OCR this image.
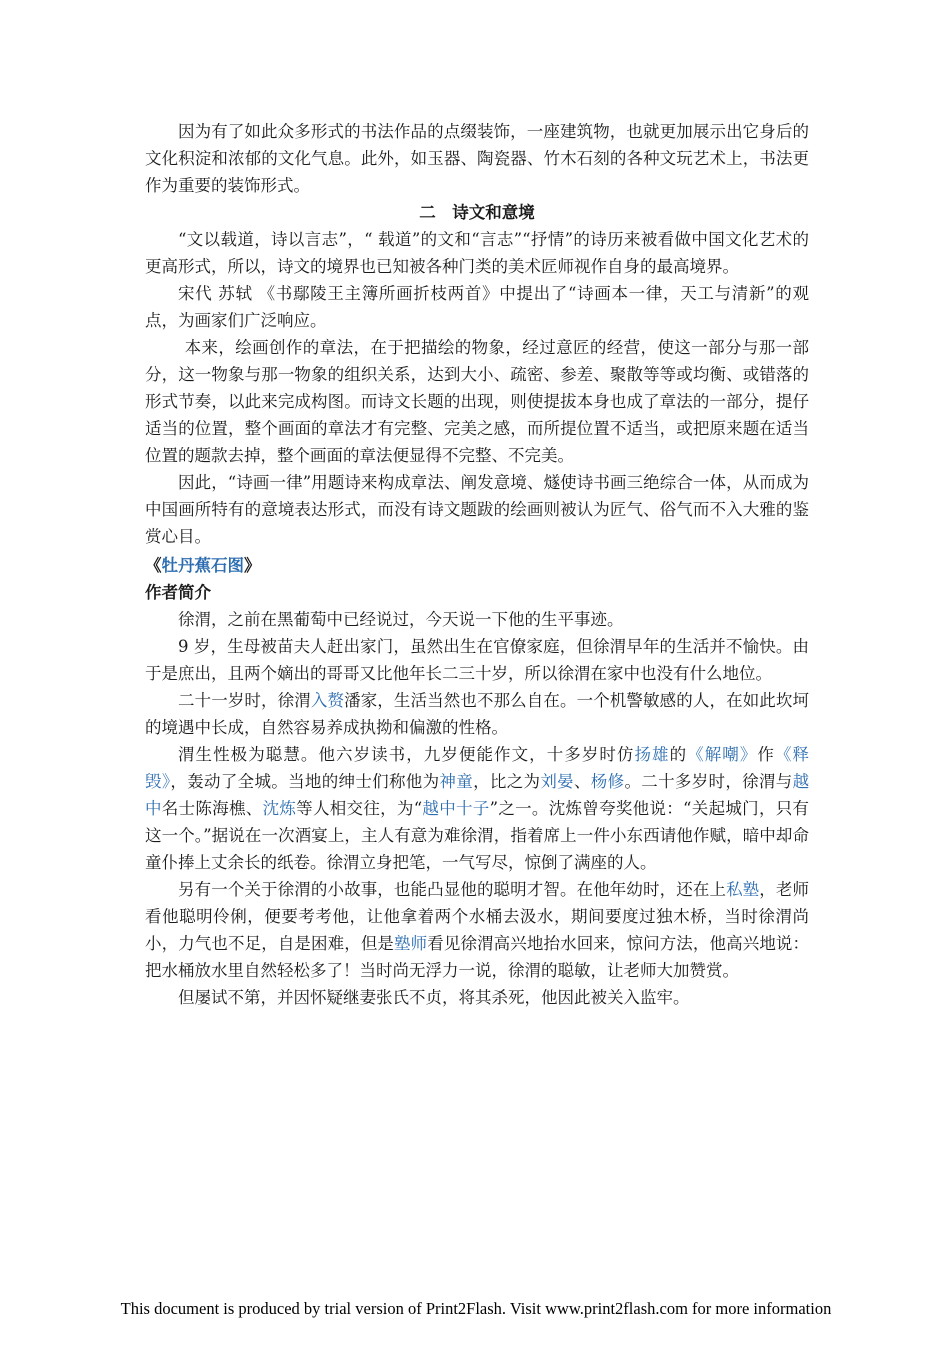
因为有了如此众多形式的书法作品的点缀装饰，一座建筑物，也就更加展示出它身后的文化积淀和浓郁的文化气息。此外，如玉器、陶瓷器、竹木石刻的各种文玩艺术上，书法更作为重要的装饰形式。

二　诗文和意境

“文以载道，诗以言志”，“ 载道”的文和“言志”“抒情”的诗历来被看做中国文化艺术的更高形式，所以，诗文的境界也已知被各种门类的美术匠师视作自身的最高境界。

宋代 苏轼 《书鄢陵王主簿所画折枝两首》中提出了“诗画本一律，天工与清新”的观点，为画家们广泛响应。

本来，绘画创作的章法，在于把描绘的物象，经过意匠的经营，使这一部分与那一部分，这一物象与那一物象的组织关系，达到大小、疏密、参差、聚散等等或均衡、或错落的形式节奏，以此来完成构图。而诗文长题的出现，则使提拔本身也成了章法的一部分，提仔适当的位置，整个画面的章法才有完整、完美之感，而所提位置不适当，或把原来题在适当位置的题款去掉，整个画面的章法便显得不完整、不完美。

因此，“诗画一律”用题诗来构成章法、阐发意境、燧使诗书画三绝综合一体，从而成为中国画所特有的意境表达形式，而没有诗文题跋的绘画则被认为匠气、俗气而不入大雅的鉴赏心目。

《牡丹蕉石图》

作者简介

徐渭，之前在黑葡萄中已经说过，今天说一下他的生平事迹。

9 岁，生母被苗夫人赶出家门，虽然出生在官僚家庭，但徐渭早年的生活并不愉快。由于是庶出，且两个嫡出的哥哥又比他年长二三十岁，所以徐渭在家中也没有什么地位。

二十一岁时，徐渭入赘潘家，生活当然也不那么自在。一个机警敏感的人，在如此坎坷的境遇中长成，自然容易养成执拗和偏激的性格。

渭生性极为聪慧。他六岁读书，九岁便能作文，十多岁时仿扬雄的《解嘲》作《释毁》，轰动了全城。当地的绅士们称他为神童，比之为刘晏、杨修。二十多岁时，徐渭与越中名士陈海樵、沈炼等人相交往，为“越中十子”之一。沈炼曾夸奖他说：“关起城门，只有这一个。”据说在一次酒宴上，主人有意为难徐渭，指着席上一件小东西请他作赋，暗中却命童仆捧上丈余长的纸卷。徐渭立身把笔，一气写尽，惊倒了满座的人。

另有一个关于徐渭的小故事，也能凸显他的聪明才智。在他年幼时，还在上私塾，老师看他聪明伶俐，便要考考他，让他拿着两个水桶去汲水，期间要度过独木桥，当时徐渭尚小，力气也不足，自是困难，但是塾师看见徐渭高兴地抬水回来，惊问方法，他高兴地说：把水桶放水里自然轻松多了！当时尚无浮力一说，徐渭的聪敏，让老师大加赞赏。

但屡试不第，并因怀疑继妻张氏不贞，将其杀死，他因此被关入监牢。

This document is produced by trial version of Print2Flash. Visit www.print2flash.com for more information
